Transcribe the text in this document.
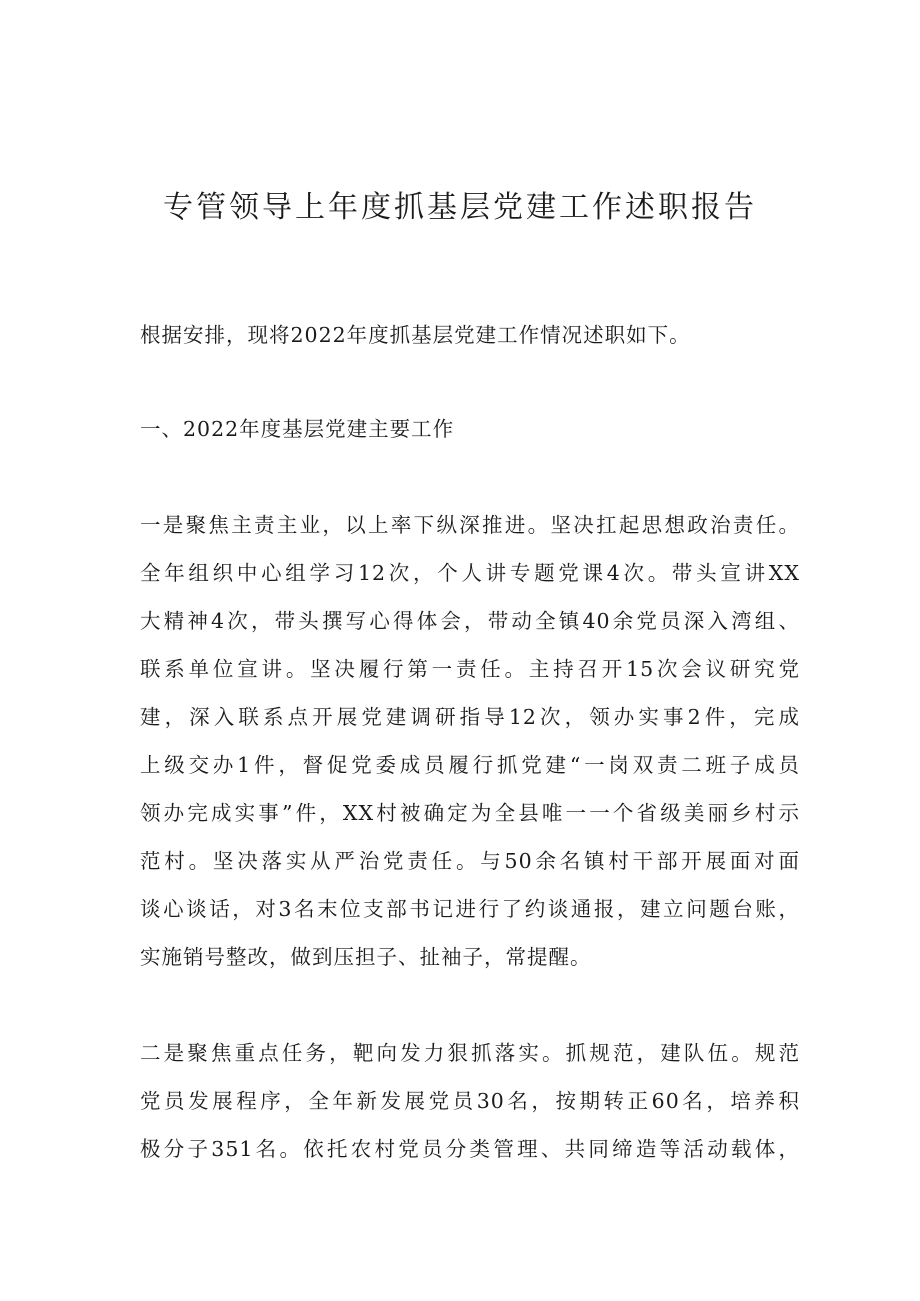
专管领导上年度抓基层党建工作述职报告

根据安排，现将2022年度抓基层党建工作情况述职如下。

一、2022年度基层党建主要工作

一是聚焦主责主业，以上率下纵深推进。坚决扛起思想政治责任。

全年组织中心组学习12次，个人讲专题党课4次。带头宣讲XX

大精神4次，带头撰写心得体会，带动全镇40余党员深入湾组、

联系单位宣讲。坚决履行第一责任。主持召开15次会议研究党

建，深入联系点开展党建调研指导12次，领办实事2件，完成

上级交办1件，督促党委成员履行抓党建“一岗双责二班子成员

领办完成实事”件，XX村被确定为全县唯一一个省级美丽乡村示

范村。坚决落实从严治党责任。与50余名镇村干部开展面对面

谈心谈话，对3名末位支部书记进行了约谈通报，建立问题台账，

实施销号整改，做到压担子、扯袖子，常提醒。

二是聚焦重点任务，靶向发力狠抓落实。抓规范，建队伍。规范

党员发展程序，全年新发展党员30名，按期转正60名，培养积

极分子351名。依托农村党员分类管理、共同缔造等活动载体，
